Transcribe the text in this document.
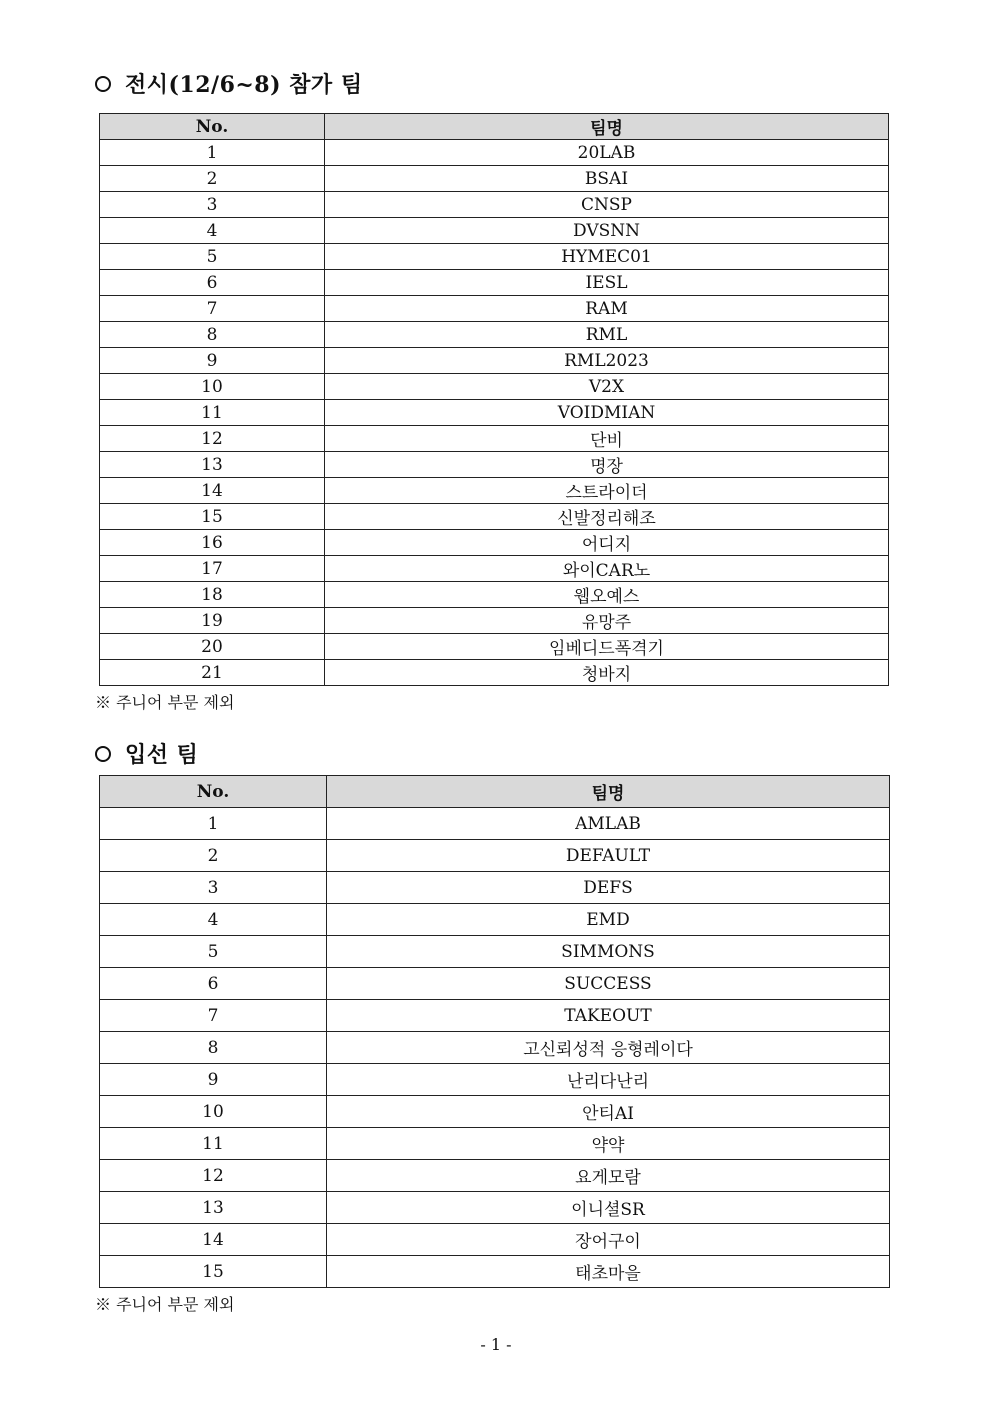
전시(12/6~8) 참가 팀
No.	팀명
1	20LAB
2	BSAI
3	CNSP
4	DVSNN
5	HYMEC01
6	IESL
7	RAM
8	RML
9	RML2023
10	V2X
11	VOIDMIAN
12	단비
13	명장
14	스트라이더
15	신발정리해조
16	어디지
17	와이CAR노
18	웹오예스
19	유망주
20	임베디드폭격기
21	청바지

※ 주니어 부문 제외

입선 팀
No.	팀명
1	AMLAB
2	DEFAULT
3	DEFS
4	EMD
5	SIMMONS
6	SUCCESS
7	TAKEOUT
8	고신뢰성적 응형레이다
9	난리다난리
10	안티AI
11	약약
12	요게모람
13	이니셜SR
14	장어구이
15	태초마을

※ 주니어 부문 제외

- 1 -
